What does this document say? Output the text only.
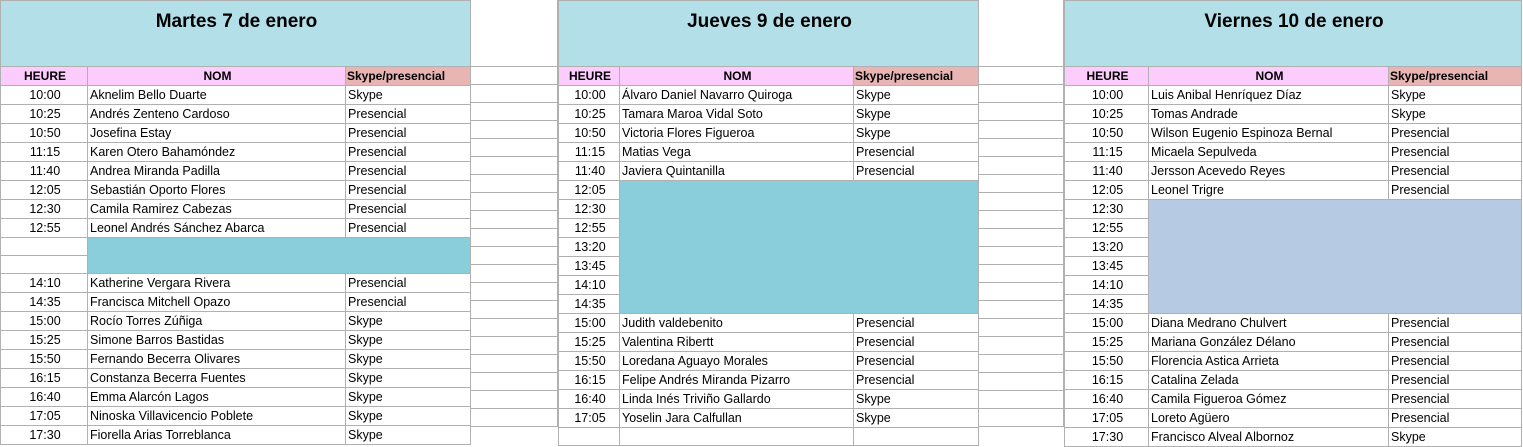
Martes 7 de enero		
HEURE	NOM	Skype/presencial
10:00	Aknelim Bello Duarte	Skype
10:25	Andrés Zenteno Cardoso	Presencial
10:50	Josefina Estay	Presencial
11:15	Karen Otero Bahamóndez	Presencial
11:40	Andrea Miranda Padilla	Presencial
12:05	Sebastián Oporto Flores	Presencial
12:30	Camila Ramirez Cabezas	Presencial
12:55	Leonel Andrés Sánchez Abarca	Presencial

14:10	Katherine Vergara Rivera	Presencial
14:35	Francisca Mitchell Opazo	Presencial
15:00	Rocío Torres Zúñiga	Skype
15:25	Simone Barros Bastidas	Skype
15:50	Fernando Becerra Olivares	Skype
16:15	Constanza Becerra Fuentes	Skype
16:40	Emma Alarcón Lagos	Skype
17:05	Ninoska Villavicencio Poblete	Skype
17:30	Fiorella Arias Torreblanca	Skype

Jueves 9 de enero		
HEURE	NOM	Skype/presencial
10:00	Álvaro Daniel Navarro Quiroga	Skype
10:25	Tamara Maroa Vidal Soto	Skype
10:50	Victoria Flores Figueroa	Skype
11:15	Matias Vega	Presencial
11:40	Javiera Quintanilla	Presencial
12:05		
12:30		
12:55		
13:20		
13:45		
14:10		
14:35		
15:00	Judith valdebenito	Presencial
15:25	Valentina Ribertt	Presencial
15:50	Loredana Aguayo Morales	Presencial
16:15	Felipe Andrés Miranda Pizarro	Presencial
16:40	Linda Inés Triviño Gallardo	Skype
17:05	Yoselin Jara Calfullan	Skype

Viernes 10 de enero		
HEURE	NOM	Skype/presencial
10:00	Luis Anibal Henríquez Díaz	Skype
10:25	Tomas Andrade	Skype
10:50	Wilson Eugenio Espinoza Bernal	Presencial
11:15	Micaela Sepulveda	Presencial
11:40	Jersson Acevedo Reyes	Presencial
12:05	Leonel Trigre	Presencial
12:30		
12:55		
13:20		
13:45		
14:10		
14:35		
15:00	Diana Medrano Chulvert	Presencial
15:25	Mariana González Délano	Presencial
15:50	Florencia Astica Arrieta	Presencial
16:15	Catalina Zelada	Presencial
16:40	Camila Figueroa Gómez	Presencial
17:05	Loreto Agüero	Presencial
17:30	Francisco Alveal Albornoz	Skype
